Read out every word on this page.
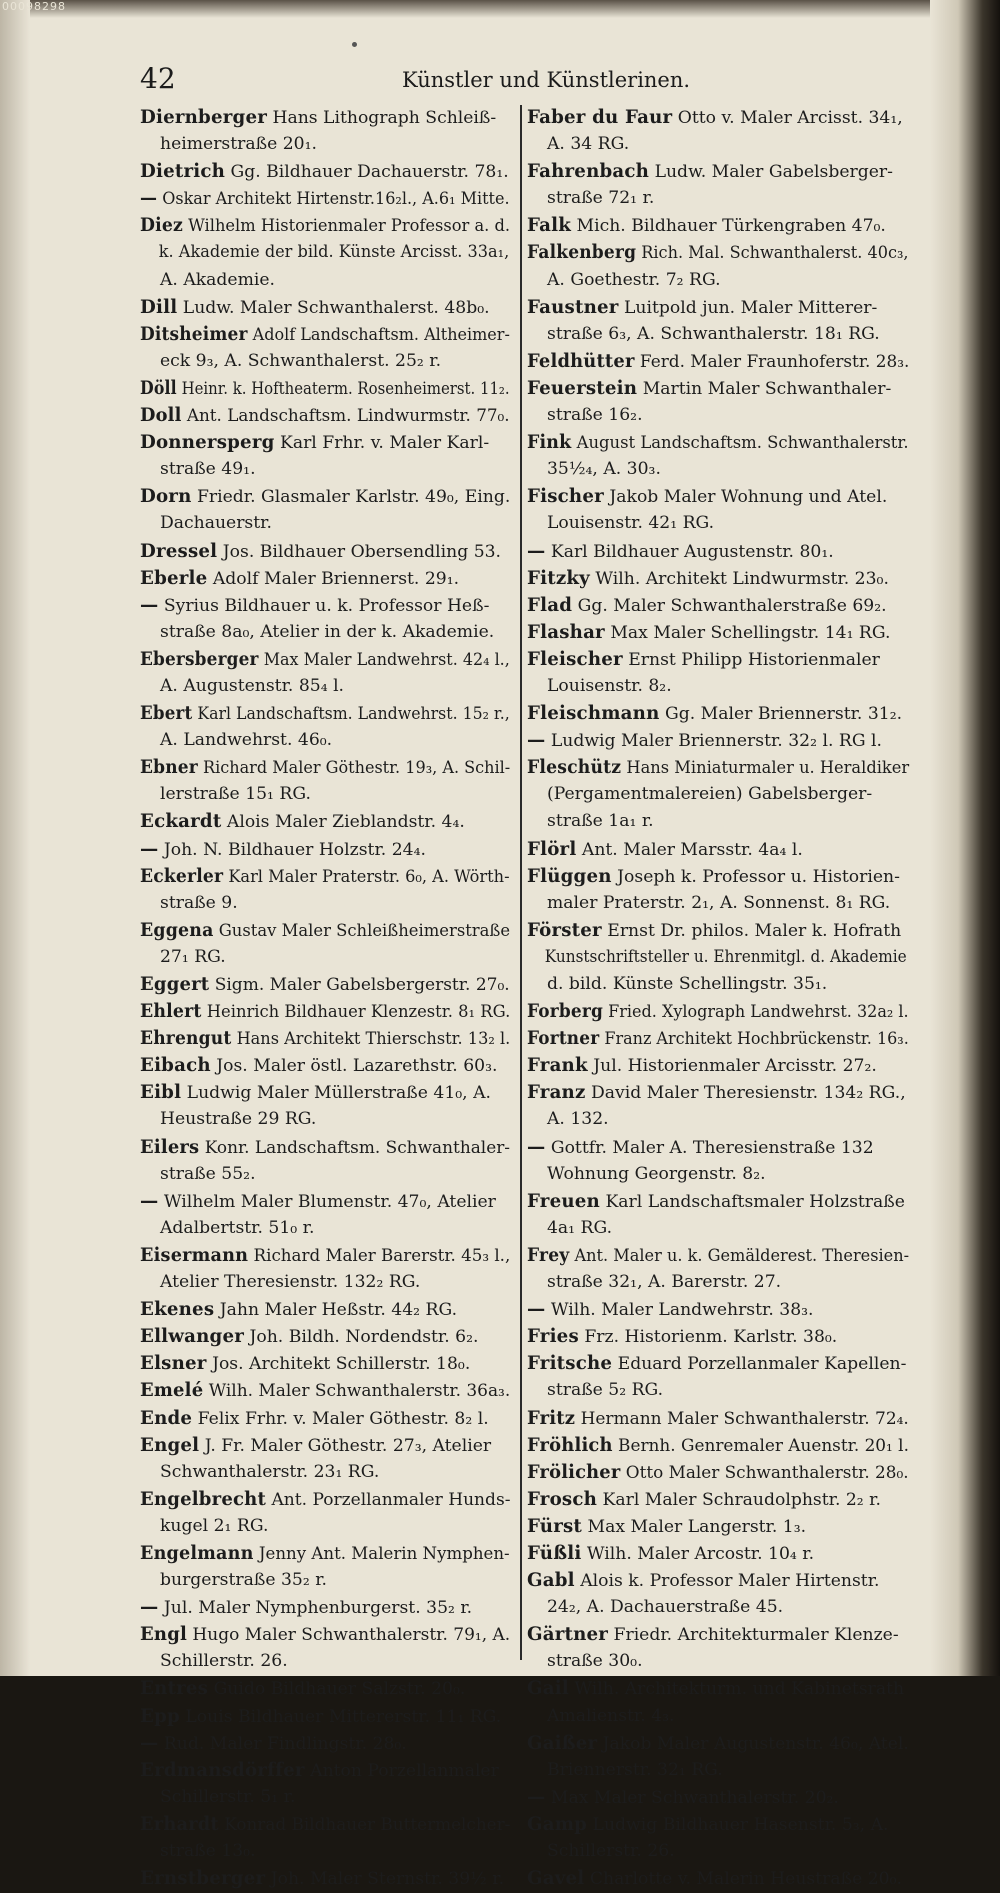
00098298
42	Künstler und Künstlerinen.
Diernberger Hans Lithograph Schleiß-
heimerstraße 20₁.
Dietrich Gg. Bildhauer Dachauerstr. 78₁.
— Oskar Architekt Hirtenstr.16₂l., A.6₁ Mitte.
Diez Wilhelm Historienmaler Professor a. d.
k. Akademie der bild. Künste Arcisst. 33a₁,
A. Akademie.
Dill Ludw. Maler Schwanthalerst. 48b₀.
Ditsheimer Adolf Landschaftsm. Altheimer-
eck 9₃, A. Schwanthalerst. 25₂ r.
Döll Heinr. k. Hoftheaterm. Rosenheimerst. 11₂.
Doll Ant. Landschaftsm. Lindwurmstr. 77₀.
Donnersperg Karl Frhr. v. Maler Karl-
straße 49₁.
Dorn Friedr. Glasmaler Karlstr. 49₀, Eing.
Dachauerstr.
Dressel Jos. Bildhauer Obersendling 53.
Eberle Adolf Maler Briennerst. 29₁.
— Syrius Bildhauer u. k. Professor Heß-
straße 8a₀, Atelier in der k. Akademie.
Ebersberger Max Maler Landwehrst. 42₄ l.,
A. Augustenstr. 85₄ l.
Ebert Karl Landschaftsm. Landwehrst. 15₂ r.,
A. Landwehrst. 46₀.
Ebner Richard Maler Göthestr. 19₃, A. Schil-
lerstraße 15₁ RG.
Eckardt Alois Maler Zieblandstr. 4₄.
— Joh. N. Bildhauer Holzstr. 24₄.
Eckerler Karl Maler Praterstr. 6₀, A. Wörth-
straße 9.
Eggena Gustav Maler Schleißheimerstraße
27₁ RG.
Eggert Sigm. Maler Gabelsbergerstr. 27₀.
Ehlert Heinrich Bildhauer Klenzestr. 8₁ RG.
Ehrengut Hans Architekt Thierschstr. 13₂ l.
Eibach Jos. Maler östl. Lazarethstr. 60₃.
Eibl Ludwig Maler Müllerstraße 41₀, A.
Heustraße 29 RG.
Eilers Konr. Landschaftsm. Schwanthaler-
straße 55₂.
— Wilhelm Maler Blumenstr. 47₀, Atelier
Adalbertstr. 51₀ r.
Eisermann Richard Maler Barerstr. 45₃ l.,
Atelier Theresienstr. 132₂ RG.
Ekenes Jahn Maler Heßstr. 44₂ RG.
Ellwanger Joh. Bildh. Nordendstr. 6₂.
Elsner Jos. Architekt Schillerstr. 18₀.
Emelé Wilh. Maler Schwanthalerstr. 36a₃.
Ende Felix Frhr. v. Maler Göthestr. 8₂ l.
Engel J. Fr. Maler Göthestr. 27₃, Atelier
Schwanthalerstr. 23₁ RG.
Engelbrecht Ant. Porzellanmaler Hunds-
kugel 2₁ RG.
Engelmann Jenny Ant. Malerin Nymphen-
burgerstraße 35₂ r.
— Jul. Maler Nymphenburgerst. 35₂ r.
Engl Hugo Maler Schwanthalerstr. 79₁, A.
Schillerstr. 26.
Entres Guido Bildhauer Salzstr. 20₀.
Epp Louis Bildhauer Mittererstr. 11₁ RG.
— Rud. Maler Findlingstr. 28₀.
Erdmansdörffer Anton Porzellanmaler
Schillerstr. 5₁ r.
Erhardt Konrad Bildhauer Buttermelcher-
straße 13₀.
Ernstberger Joh. Maler Sternstr. 39½ r.
Faber du Faur Otto v. Maler Arcisst. 34₁,
A. 34 RG.
Fahrenbach Ludw. Maler Gabelsberger-
straße 72₁ r.
Falk Mich. Bildhauer Türkengraben 47₀.
Falkenberg Rich. Mal. Schwanthalerst. 40c₃,
A. Goethestr. 7₂ RG.
Faustner Luitpold jun. Maler Mitterer-
straße 6₃, A. Schwanthalerstr. 18₁ RG.
Feldhütter Ferd. Maler Fraunhoferstr. 28₃.
Feuerstein Martin Maler Schwanthaler-
straße 16₂.
Fink August Landschaftsm. Schwanthalerstr.
35½₄, A. 30₃.
Fischer Jakob Maler Wohnung und Atel.
Louisenstr. 42₁ RG.
— Karl Bildhauer Augustenstr. 80₁.
Fitzky Wilh. Architekt Lindwurmstr. 23₀.
Flad Gg. Maler Schwanthalerstraße 69₂.
Flashar Max Maler Schellingstr. 14₁ RG.
Fleischer Ernst Philipp Historienmaler
Louisenstr. 8₂.
Fleischmann Gg. Maler Briennerstr. 31₂.
— Ludwig Maler Briennerstr. 32₂ l. RG l.
Fleschütz Hans Miniaturmaler u. Heraldiker
(Pergamentmalereien) Gabelsberger-
straße 1a₁ r.
Flörl Ant. Maler Marsstr. 4a₄ l.
Flüggen Joseph k. Professor u. Historien-
maler Praterstr. 2₁, A. Sonnenst. 8₁ RG.
Förster Ernst Dr. philos. Maler k. Hofrath
Kunstschriftsteller u. Ehrenmitgl. d. Akademie
d. bild. Künste Schellingstr. 35₁.
Forberg Fried. Xylograph Landwehrst. 32a₂ l.
Fortner Franz Architekt Hochbrückenstr. 16₃.
Frank Jul. Historienmaler Arcisstr. 27₂.
Franz David Maler Theresienstr. 134₂ RG.,
A. 132.
— Gottfr. Maler A. Theresienstraße 132
Wohnung Georgenstr. 8₂.
Freuen Karl Landschaftsmaler Holzstraße
4a₁ RG.
Frey Ant. Maler u. k. Gemälderest. Theresien-
straße 32₁, A. Barerstr. 27.
— Wilh. Maler Landwehrstr. 38₃.
Fries Frz. Historienm. Karlstr. 38₀.
Fritsche Eduard Porzellanmaler Kapellen-
straße 5₂ RG.
Fritz Hermann Maler Schwanthalerstr. 72₄.
Fröhlich Bernh. Genremaler Auenstr. 20₁ l.
Frölicher Otto Maler Schwanthalerstr. 28₀.
Frosch Karl Maler Schraudolphstr. 2₂ r.
Fürst Max Maler Langerstr. 1₃.
Füßli Wilh. Maler Arcostr. 10₄ r.
Gabl Alois k. Professor Maler Hirtenstr.
24₂, A. Dachauerstraße 45.
Gärtner Friedr. Architekturmaler Klenze-
straße 30₀.
Gail Wilh. Architekturm. und Kabinetsrath
Amalienstr. 4₃.
Gaißer Jakob Maler Augustenstr. 46₀, Atel.
Briennerstr. 32₁ RG.
— Max Maler Schwanthalerstr. 20₂.
Gamp Ludwig Bildhauer Hasenstr. 5₃, A.
Schillerstr. 26.
Gavel Charlotte v. Malerin Heustraße 20₀.
